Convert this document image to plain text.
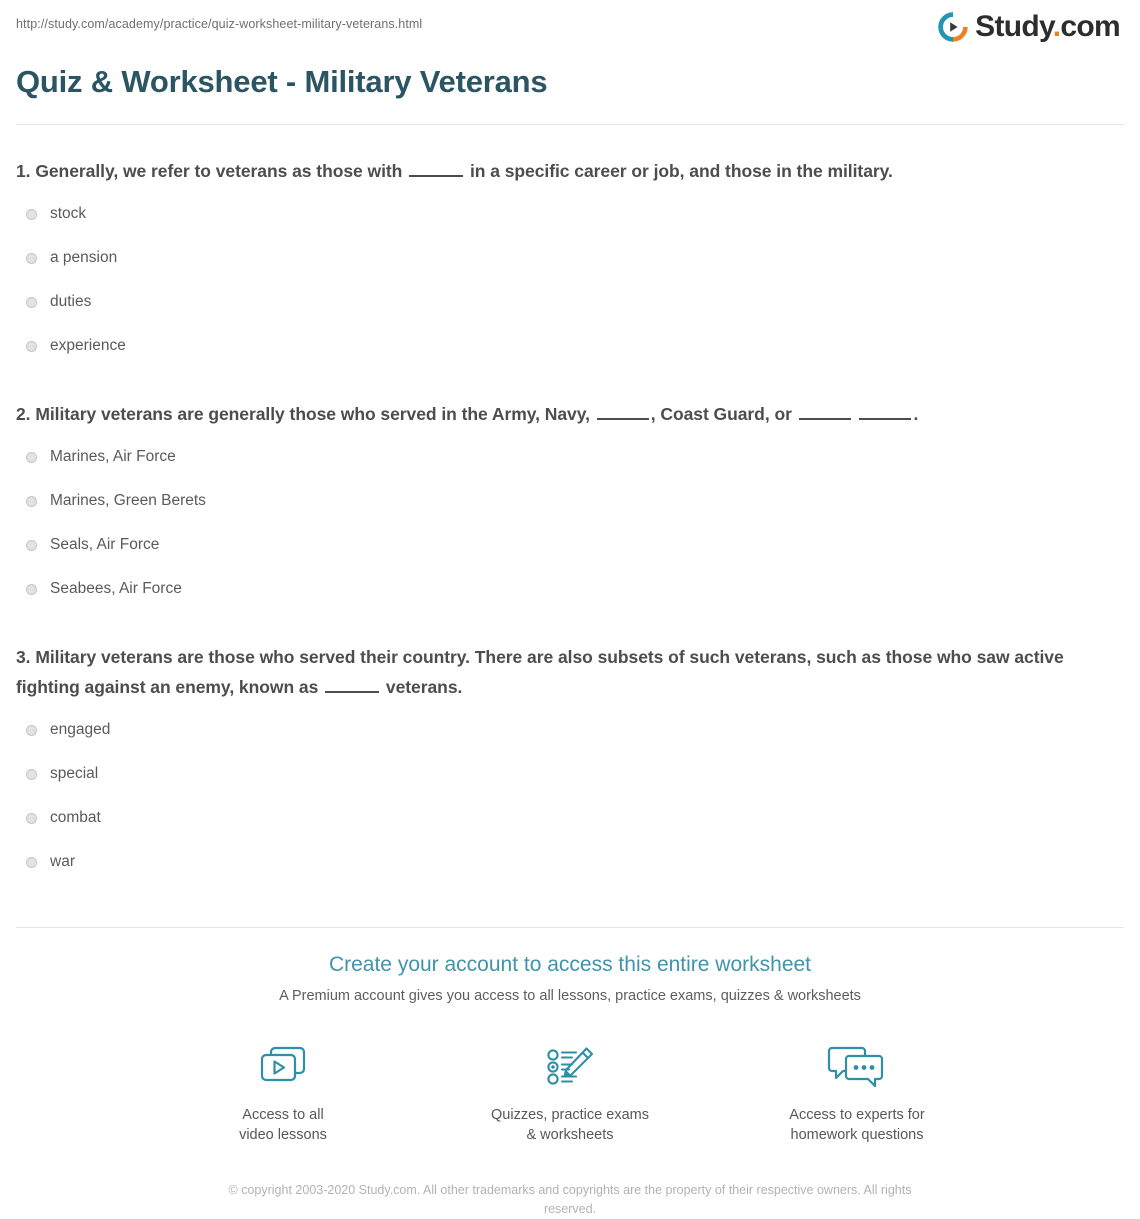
http://study.com/academy/practice/quiz-worksheet-military-veterans.html	Study.com
Quiz & Worksheet - Military Veterans
1. Generally, we refer to veterans as those with	in a specific career or job, and those in the military.
stock
a pension
duties
experience
2. Military veterans are generally those who served in the Army, Navy,	, Coast Guard, or	.
Marines, Air Force
Marines, Green Berets
Seals, Air Force
Seabees, Air Force
3. Military veterans are those who served their country. There are also subsets of such veterans, such as those who saw active fighting against an enemy, known as	veterans.
engaged
special
combat
war
Create your account to access this entire worksheet
A Premium account gives you access to all lessons, practice exams, quizzes & worksheets
Access to all
video lessons
Quizzes, practice exams
& worksheets
Access to experts for
homework questions
© copyright 2003-2020 Study.com. All other trademarks and copyrights are the property of their respective owners. All rights reserved.
